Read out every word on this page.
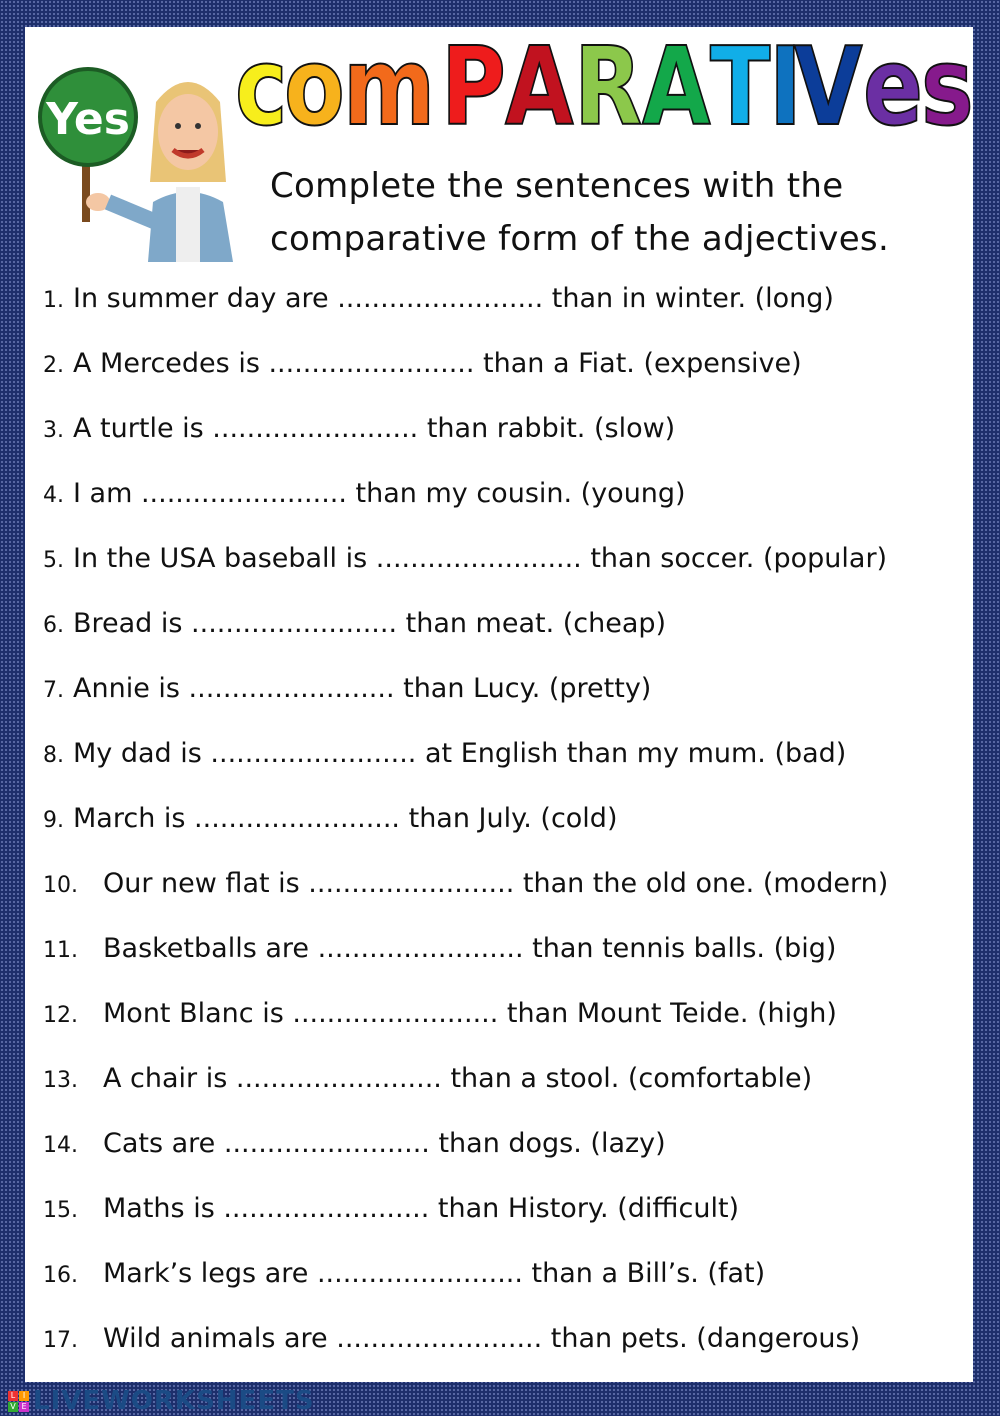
Yes c o m P A R A T I
V e s
Complete the sentences with the
comparative form of the adjectives.
1. In summer day are ........................ than in winter. (long)
2. A Mercedes is ........................ than a Fiat. (expensive)
3. A turtle is ........................ than rabbit. (slow)
4. I am ........................ than my cousin. (young)
5. In the USA baseball is ........................ than soccer. (popular)
6. Bread is ........................ than meat. (cheap)
7. Annie is ........................ than Lucy. (pretty)
8. My dad is ........................ at English than my mum. (bad)
9. March is ........................ than July. (cold)
10. Our new flat is ........................ than the old one. (modern)
11. Basketballs are ........................ than tennis balls. (big)
12. Mont Blanc is ........................ than Mount Teide. (high)
13. A chair is ........................ than a stool. (comfortable)
14. Cats are ........................ than dogs. (lazy)
15. Maths is ........................ than History. (difficult)
16. Mark’s legs are ........................ than a Bill’s. (fat)
17. Wild animals are ........................ than pets. (dangerous)
L I
V E LIVEWORKSHEETS
